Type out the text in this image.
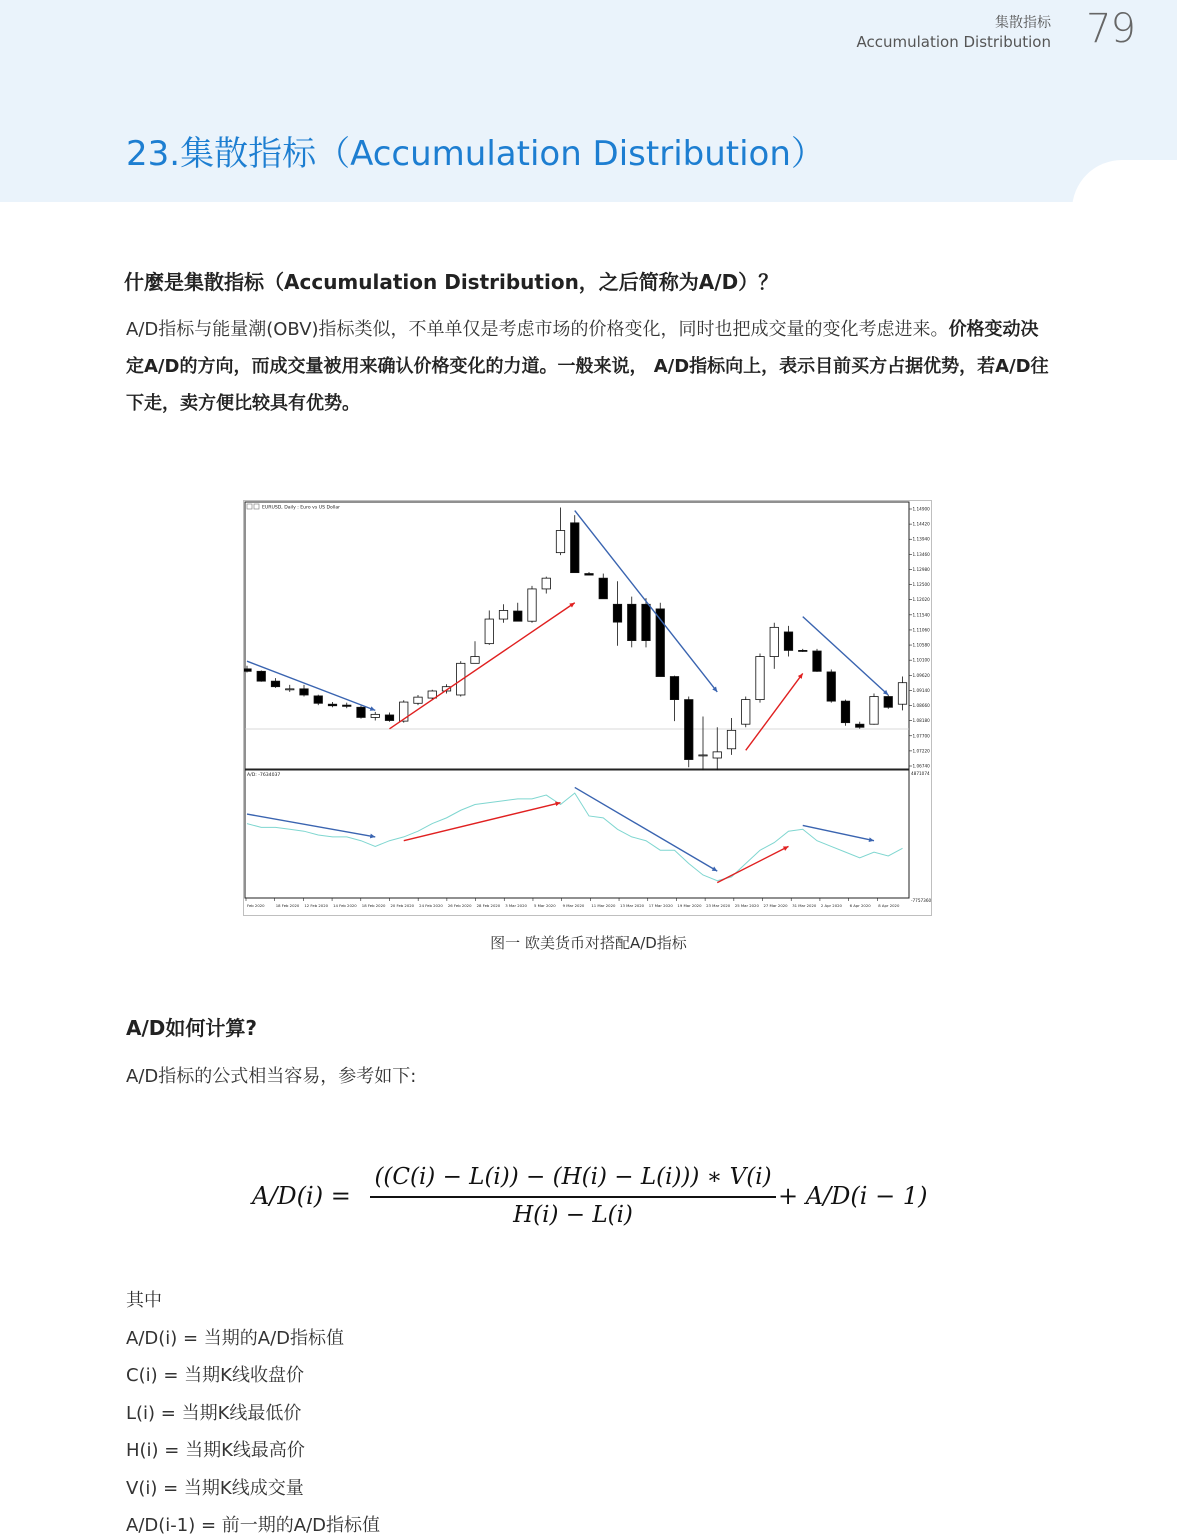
集散指标
Accumulation Distribution 79
23.集散指标（Accumulation Distribution）
什麼是集散指标（Accumulation Distribution，之后简称为A/D）？
A/D指标与能量潮(OBV)指标类似，不单单仅是考虑市场的价格变化，同时也把成交量的变化考虑进来。价格变动决定A/D的方向，而成交量被用来确认价格变化的力道。一般来说， A/D指标向上，表示目前买方占据优势，若A/D往下走，卖方便比较具有优势。
EURUSD, Daily : Euro vs US Dollar
A/D: -7634037
1.14900
1.14420
1.13940
1.13460
1.12980
1.12500
1.12020
1.11540
1.11060
1.10580
1.10100
1.09620
1.09140
1.08660
1.08180
1.07700
1.07220
1.06740
4871074
-7757360
Feb 2020	18 Feb 2020 12 Feb 2020 14 Feb 2020 18 Feb 2020 20 Feb 2020 24 Feb 2020 26 Feb 2020 28 Feb 2020 3 Mar 2020 5 Mar 2020 9 Mar 2020 11 Mar 2020 13 Mar 2020 17 Mar 2020 19 Mar 2020 23 Mar 2020 25 Mar 2020 27 Mar 2020 31 Mar 2020 2 Apr 2020 6 Apr 2020 8 Apr 2020
图一 欧美货币对搭配A/D指标
A/D如何计算?
A/D指标的公式相当容易，参考如下:
A/D(i) =
((C(i) − L(i)) − (H(i) − L(i))) ∗ V(i)
H(i) − L(i)
+ A/D(i − 1)
其中
A/D(i) = 当期的A/D指标值
C(i) = 当期K线收盘价
L(i) = 当期K线最低价
H(i) = 当期K线最高价
V(i) = 当期K线成交量
A/D(i-1) = 前一期的A/D指标值
